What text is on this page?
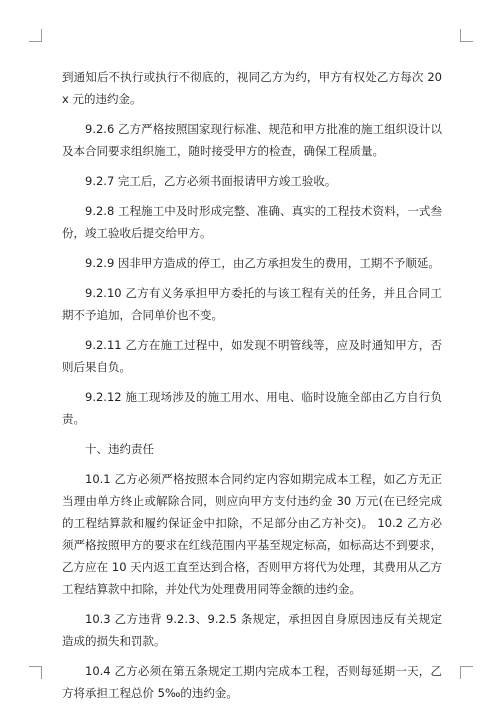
到通知后不执行或执行不彻底的，视同乙方为约，甲方有权处乙方每次 20x 元的违约金。

9.2.6 乙方严格按照国家现行标准、规范和甲方批准的施工组织设计以及本合同要求组织施工，随时接受甲方的检查，确保工程质量。

9.2.7 完工后，乙方必须书面报请甲方竣工验收。

9.2.8 工程施工中及时形成完整、准确、真实的工程技术资料，一式叁份，竣工验收后提交给甲方。

9.2.9 因非甲方造成的停工，由乙方承担发生的费用，工期不予顺延。

9.2.10 乙方有义务承担甲方委托的与该工程有关的任务，并且合同工期不予追加，合同单价也不变。

9.2.11 乙方在施工过程中，如发现不明管线等，应及时通知甲方，否则后果自负。

9.2.12 施工现场涉及的施工用水、用电、临时设施全部由乙方自行负责。

十、违约责任

10.1 乙方必须严格按照本合同约定内容如期完成本工程，如乙方无正当理由单方终止或解除合同，则应向甲方支付违约金 30 万元(在已经完成的工程结算款和履约保证金中扣除，不足部分由乙方补交)。 10.2 乙方必须严格按照甲方的要求在红线范围内平基至规定标高，如标高达不到要求，乙方应在 10 天内返工直至达到合格，否则甲方将代为处理，其费用从乙方工程结算款中扣除，并处代为处理费用同等金额的违约金。

10.3 乙方违背 9.2.3、9.2.5 条规定，承担因自身原因违反有关规定造成的损失和罚款。

10.4 乙方必须在第五条规定工期内完成本工程，否则每延期一天，乙方将承担工程总价 5‰的违约金。
